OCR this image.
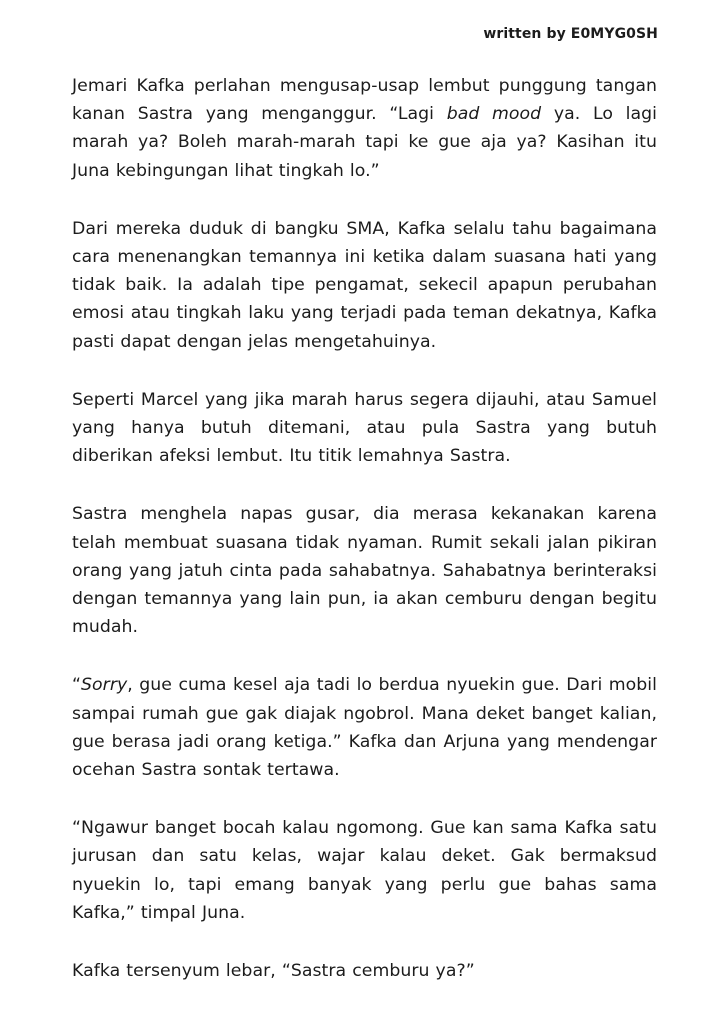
written by E0MYG0SH

Jemari Kafka perlahan mengusap-usap lembut punggung tangan kanan Sastra yang menganggur. “Lagi bad mood ya. Lo lagi marah ya? Boleh marah-marah tapi ke gue aja ya? Kasihan itu Juna kebingungan lihat tingkah lo.”

Dari mereka duduk di bangku SMA, Kafka selalu tahu bagaimana cara menenangkan temannya ini ketika dalam suasana hati yang tidak baik. Ia adalah tipe pengamat, sekecil apapun perubahan emosi atau tingkah laku yang terjadi pada teman dekatnya, Kafka pasti dapat dengan jelas mengetahuinya.

Seperti Marcel yang jika marah harus segera dijauhi, atau Samuel yang hanya butuh ditemani, atau pula Sastra yang butuh diberikan afeksi lembut. Itu titik lemahnya Sastra.

Sastra menghela napas gusar, dia merasa kekanakan karena telah membuat suasana tidak nyaman. Rumit sekali jalan pikiran orang yang jatuh cinta pada sahabatnya. Sahabatnya berinteraksi dengan temannya yang lain pun, ia akan cemburu dengan begitu mudah.

“Sorry, gue cuma kesel aja tadi lo berdua nyuekin gue. Dari mobil sampai rumah gue gak diajak ngobrol. Mana deket banget kalian, gue berasa jadi orang ketiga.” Kafka dan Arjuna yang mendengar ocehan Sastra sontak tertawa.

“Ngawur banget bocah kalau ngomong. Gue kan sama Kafka satu jurusan dan satu kelas, wajar kalau deket. Gak bermaksud nyuekin lo, tapi emang banyak yang perlu gue bahas sama Kafka,” timpal Juna.

Kafka tersenyum lebar, “Sastra cemburu ya?”
